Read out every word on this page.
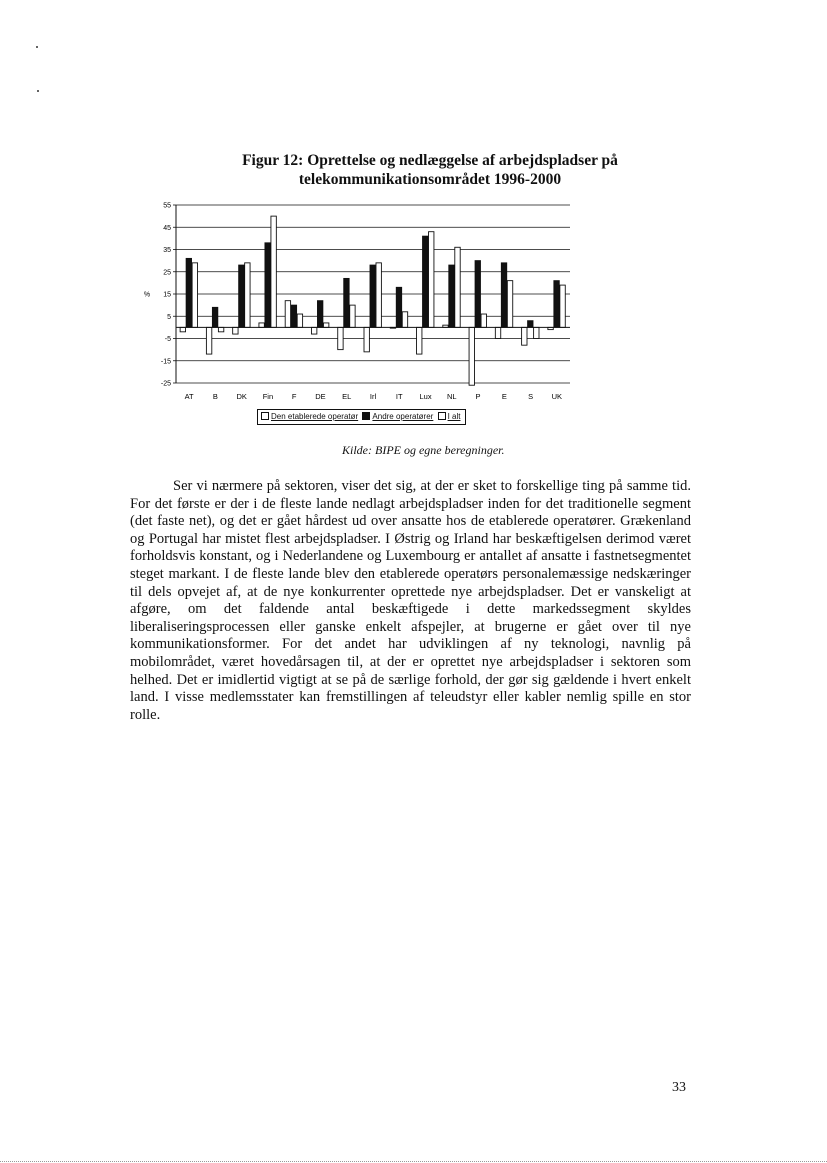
Figur 12: Oprettelse og nedlæggelse af arbejdspladser på
telekommunikationsområdet 1996-2000
55
45
35
25
15
5
-5
-15
-25
AT	B DK Fin	F	DE EL Irl	IT Lux NL	P	E	S UK
%
Den etablerede operatør Andre operatører I alt
Kilde: BIPE og egne beregninger.

Ser vi nærmere på sektoren, viser det sig, at der er sket to forskellige ting på samme tid. For det første er der i de fleste lande nedlagt arbejdspladser inden for det traditionelle segment (det faste net), og det er gået hårdest ud over ansatte hos de etablerede operatører. Grækenland og Portugal har mistet flest arbejdspladser. I Østrig og Irland har beskæftigelsen derimod været forholdsvis konstant, og i Nederlandene og Luxembourg er antallet af ansatte i fastnetsegmentet steget markant. I de fleste lande blev den etablerede operatørs personalemæssige nedskæringer til dels opvejet af, at de nye konkurrenter oprettede nye arbejdspladser. Det er vanskeligt at afgøre, om det faldende antal beskæftigede i dette markedssegment skyldes liberaliseringsprocessen eller ganske enkelt afspejler, at brugerne er gået over til nye kommunikationsformer. For det andet har udviklingen af ny teknologi, navnlig på mobilområdet, været hovedårsagen til, at der er oprettet nye arbejdspladser i sektoren som helhed. Det er imidlertid vigtigt at se på de særlige forhold, der gør sig gældende i hvert enkelt land. I visse medlemsstater kan fremstillingen af teleudstyr eller kabler nemlig spille en stor rolle.

33
